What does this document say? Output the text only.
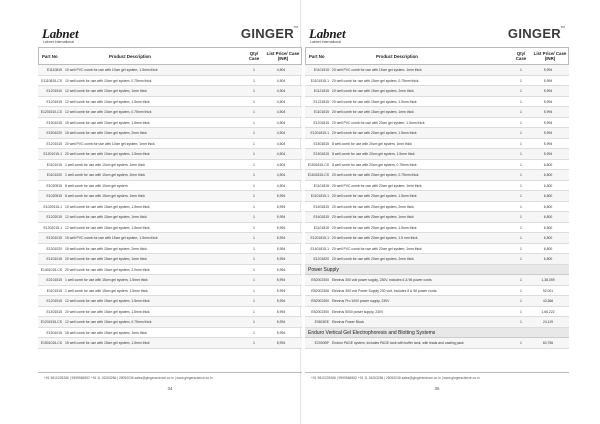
Labnet
Labnet International
GINGER TM
Part No	Product Description
Qty/ Case
List Price/ Case (INR)
E1110815 10 well PVC comb for use with 10cm gel system, 1.5mm thick	1	4,504
E1110815-CS 10 well comb for use with 10cm gel system, 0.75mm thick	1	4,504
E1201510 12 well comb for use with 10cm gel system, 1mm thick	1	4,504
E1201515 12 well comb for use with 10cm gel system, 1.5mm thick	1	4,504
E1201510-CS 12 well comb for use with 10cm gel system, 0.75mm thick	1	4,504
E1501015 15 well comb for use with 10cm gel system, 1.5mm thick	1	4,504
E1501020 15 well comb for use with 10cm gel system, 2mm thick	1	4,504
E1201015 20 well PVC comb for use with 10cm gel system, 1mm thick	1	4,504
E1201015-1 20 well comb for use with 10cm gel system, 1.5mm thick	1	4,504
E1101015 1 well comb for use with 10cm gel system, 1mm thick	1	4,504
E1101020 1 well comb for use with 10cm gel system, 2mm thick	1	4,504
E1020515 8 well comb for use with 10cm gel system	1	4,504
E1020515 8 well comb for use with 15cm gel system, 1mm thick	1	5,994
E1020515-1 10 well comb for use with 15cm gel system, 1.5mm thick	1	5,994
E1202015 12 well comb for use with 15cm gel system, 1mm thick	1	5,994
E1202015-1 12 well comb for use with 15cm gel system, 1.5mm thick	1	5,994
E1301015 15 well PVC comb for use with 15cm gel system, 1.5mm thick	1	5,994
E1301020 15 well comb for use with 15cm gel system, 2mm thick	1	5,994
E1401015 20 well comb for use with 15cm gel system, 1mm thick	1	5,994
E1401015-CS 20 well comb for use with 15cm gel system, 2.0mm thick	1	5,994
E2101515 1 well comb for use with 15cm gel system, 1.5mm thick	1	5,994
E1101515 1 well comb for use with 15cm gel system, 1.5mm thick	1	5,994
E1201515 12 well comb for use with 15cm gel system, 1.5mm thick	1	5,994
E1401515 20 well comb for use with 15cm gel system, 1.5mm thick	1	5,994
E1201515-CS 12 well comb for use with 15cm gel system, 0.75mm thick	1	5,994
E1501015 15 well comb for use with 15cm gel system, 1mm thick	1	5,994
E1501015-CS 15 well comb for use with 15cm gel system, 1.5mm thick	1	5,994
+91 9810228286 | 9599566552 +91 11 26263286 | 28052036 sales@gingerscience.co.in | www.gingerscience.co.in
34
Labnet
Labnet International
GINGER TM
Part No	Product Description
Qty/ Case
List Price/ Case (INR)
E1101515 20 well PVC comb for use with 15cm gel system, 1mm thick	1	5,994
E1101515-1 20 well comb for use with 15cm gel system, 0.75mm thick	1	5,994
E1121815 20 well comb for use with 15cm gel system, 2mm thick	1	5,994
E1221815 20 well comb for use with 15cm gel system, 1.5mm thick	1	5,994
E1101815 20 well comb for use with 15cm gel system, 1mm thick	1	5,994
E1201815 20 well PVC comb for use with 20cm gel system, 1.5mm thick	1	5,994
E1201815-1 20 well comb for use with 20cm gel system, 1.5mm thick	1	5,994
E1501815 8 well comb for use with 20cm gel system, 1mm thick	1	5,994
E1501815 8 well comb for use with 20cm gel system, 1.5mm thick	1	5,994
E1501815-CS 8 well comb for use with 20cm gel system, 0.75mm thick	1	6,800
E1601815-CS 20 well comb for use with 20cm gel system, 0.75mm thick	1	6,800
E1101815 20 well PVC comb for use with 20cm gel system, 1mm thick	1	6,800
E1101815-1 20 well comb for use with 20cm gel system, 1.5mm thick	1	6,800
E1601815 20 well comb for use with 20cm gel system, 2mm thick	1	6,800
E1601815 20 well comb for use with 20cm gel system, 1mm thick	1	6,800
E1101815 20 well comb for use with 20cm gel system, 1.5mm thick	1	6,800
E1201815-1 20 well comb for use with 20cm gel system, 1.5 mm thick	1	6,800
E1401815-1 20 well PVC comb for use with 20cm gel system, 1mm thick	1	6,800
E1201820 20 well comb for use with 20cm gel system, 2mm thick	1	6,800
Power Supply
EB2002300 Electrus 300 volt power supply, 230V, includes 6 & 96 power cords	1	1,38,059
EB2002308 Electrus 300 volt Power Supply 230 volt, Includes 8 & 96 power cords	1	92,001
EB2002300 Electrus Pro 1000 power supply, 230V	1	43,366
EB2002300 Electrus 5000 power supply, 230V	1	1,66,222
E0824EE Electrus Power Block	1	24,119
Enduro Vertical Gel Electrophoresis and Blotting Systems
E2000BP Enduro PAGE system, includes PAGE tank with buffer tank, with leads and casting pack	1	60,756
+91 9810228286 | 9599566552 +91 11 26263286 | 28052036 sales@gingerscience.co.in | www.gingerscience.co.in
35
